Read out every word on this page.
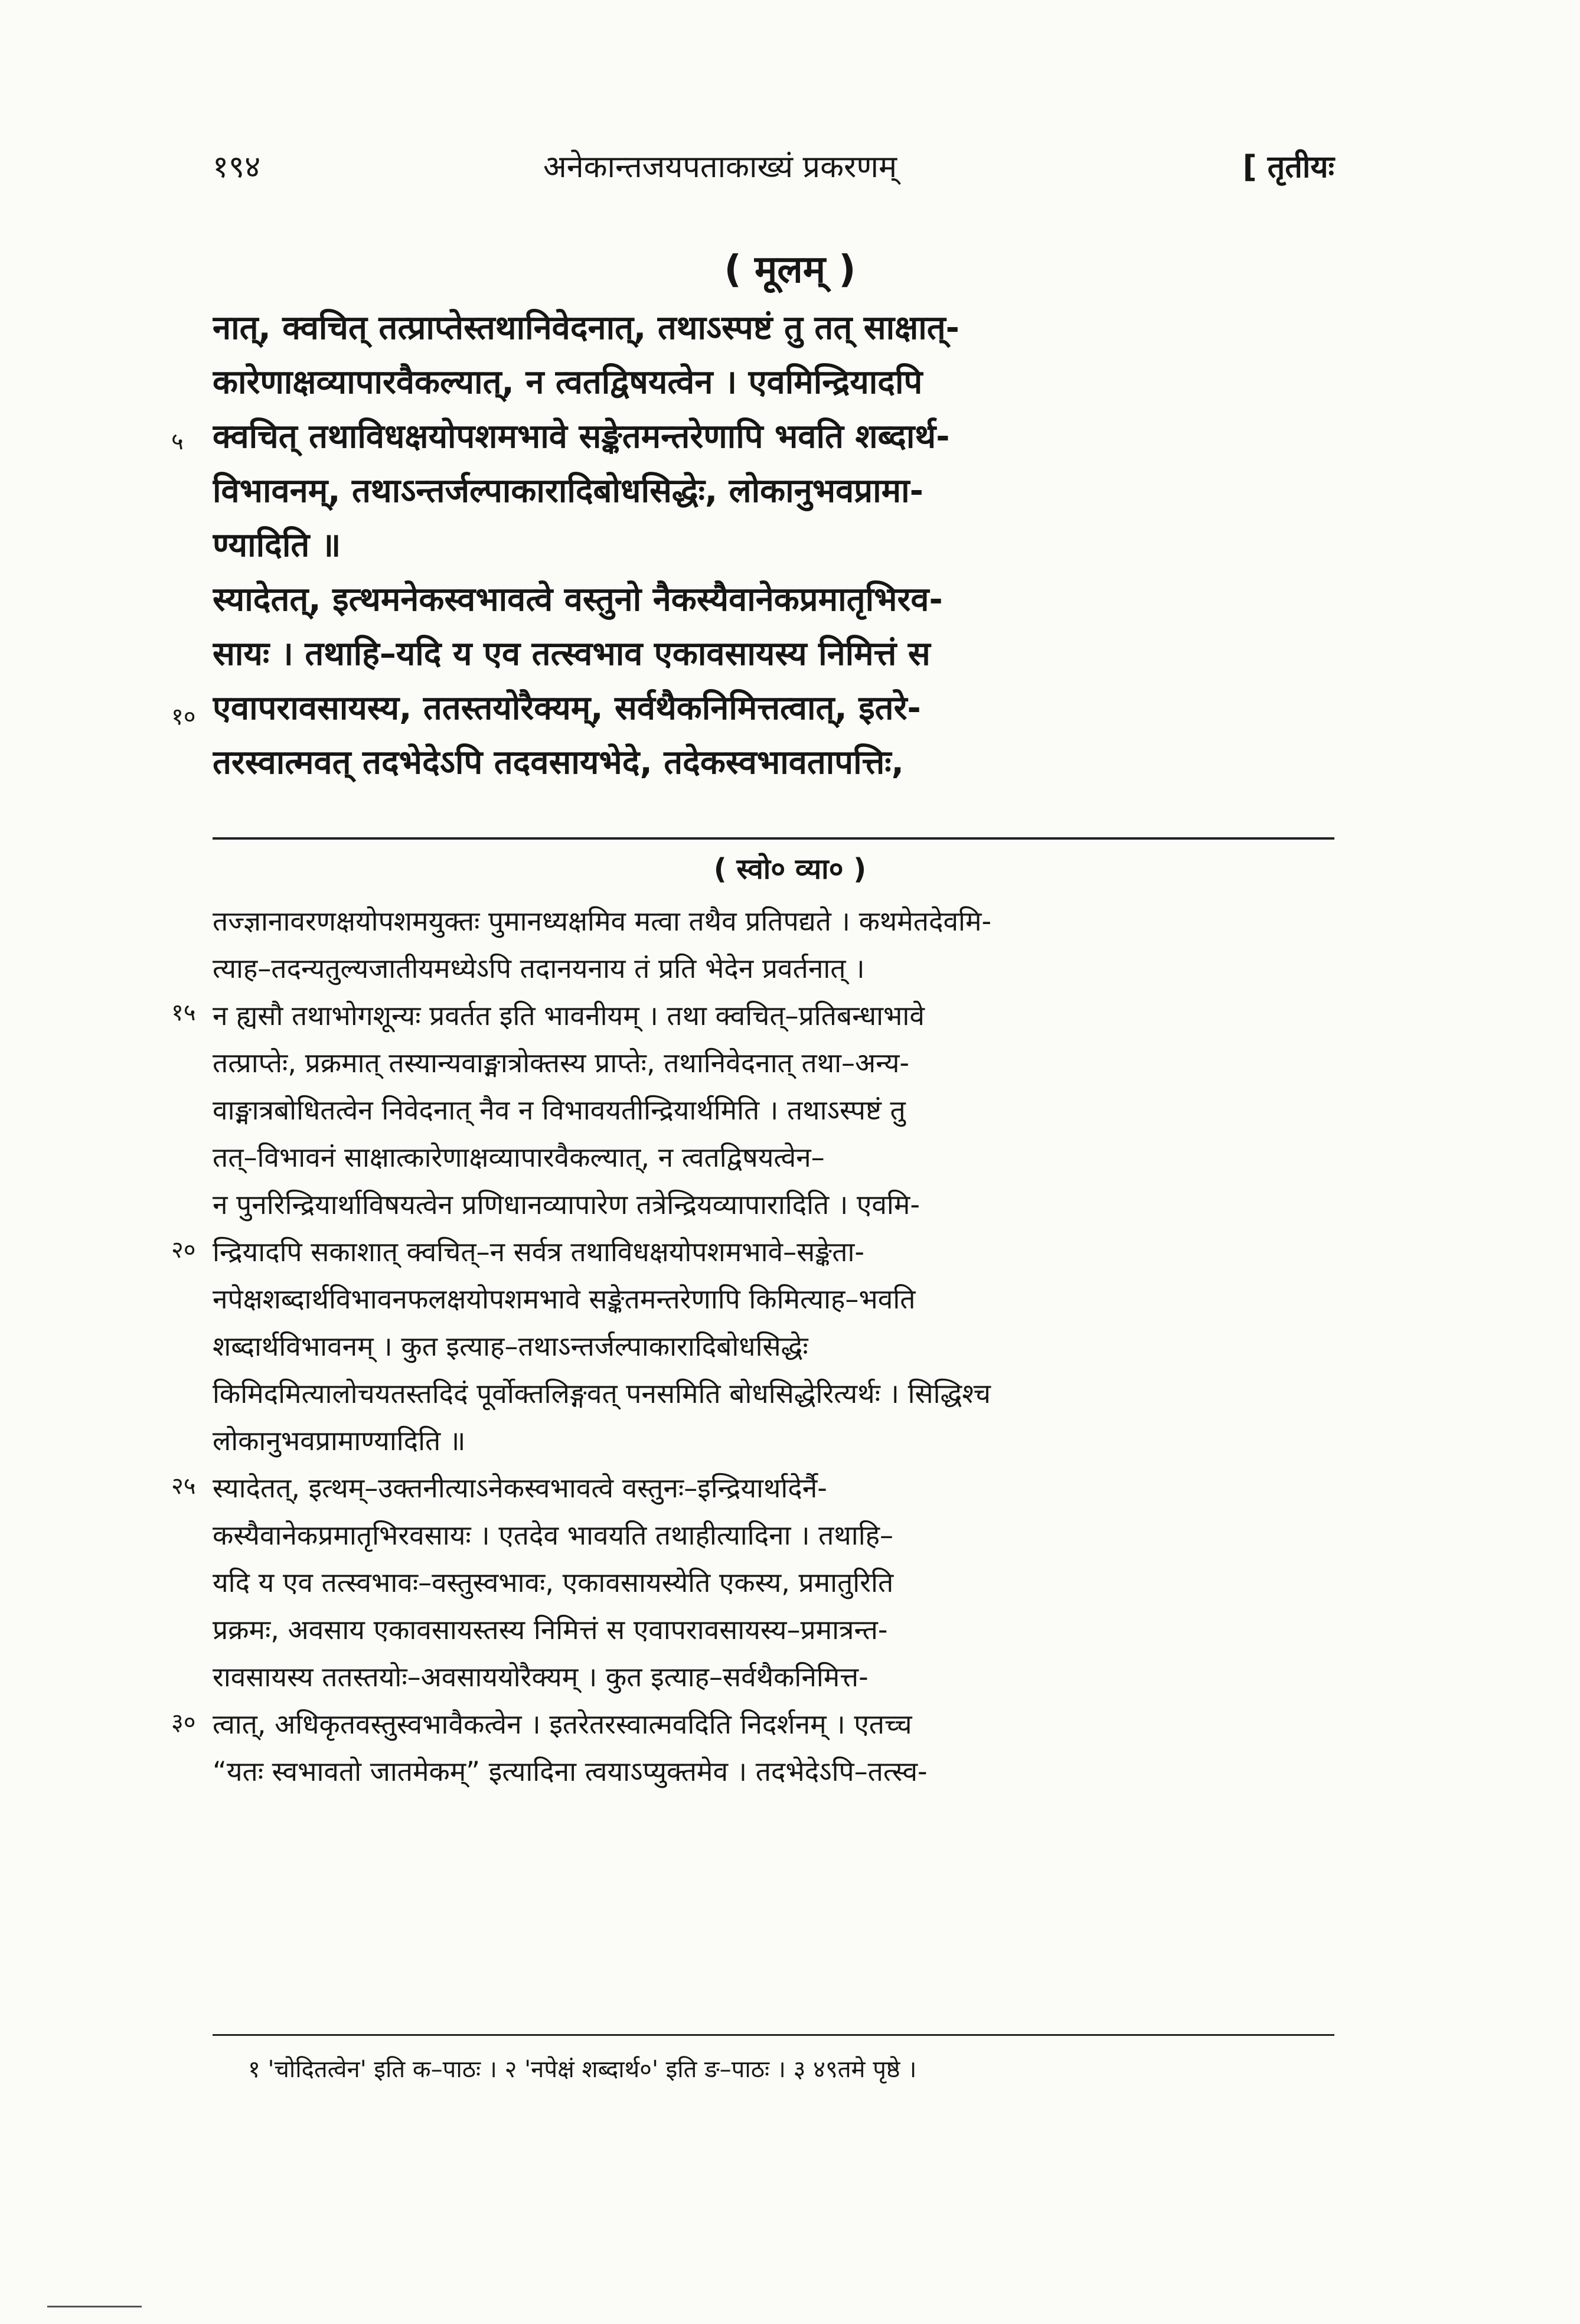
१९४	अनेकान्तजयपताकाख्यं प्रकरणम्	[ तृतीयः
( मूलम् )
नात्, क्वचित् तत्प्राप्तेस्तथानिवेदनात्, तथाऽस्पष्टं तु तत् साक्षात्-
कारेणाक्षव्यापारवैकल्यात्, न त्वतद्विषयत्वेन । एवमिन्द्रियादपि
क्वचित् तथाविधक्षयोपशमभावे सङ्केतमन्तरेणापि भवति शब्दार्थ-
विभावनम्, तथाऽन्तर्जल्पाकारादिबोधसिद्धेः, लोकानुभवप्रामा-
ण्यादिति ॥
स्यादेतत्, इत्थमनेकस्वभावत्वे वस्तुनो नैकस्यैवानेकप्रमातृभिरव-
सायः । तथाहि–यदि य एव तत्स्वभाव एकावसायस्य निमित्तं स
एवापरावसायस्य, ततस्तयोरैक्यम्, सर्वथैकनिमित्तत्वात्, इतरे-
तरस्वात्मवत् तदभेदेऽपि तदवसायभेदे, तदेकस्वभावतापत्तिः,
५
१०
( स्वो० व्या० )
तज्ज्ञानावरणक्षयोपशमयुक्तः पुमानध्यक्षमिव मत्वा तथैव प्रतिपद्यते । कथमेतदेवमि-
त्याह–तदन्यतुल्यजातीयमध्येऽपि तदानयनाय तं प्रति भेदेन प्रवर्तनात् ।
न ह्यसौ तथाभोगशून्यः प्रवर्तत इति भावनीयम् । तथा क्वचित्–प्रतिबन्धाभावे
तत्प्राप्तेः, प्रक्रमात् तस्यान्यवाङ्मात्रोक्तस्य प्राप्तेः, तथानिवेदनात् तथा–अन्य-
वाङ्मात्रबोधितत्वेन निवेदनात् नैव न विभावयतीन्द्रियार्थमिति । तथाऽस्पष्टं तु
तत्–विभावनं साक्षात्कारेणाक्षव्यापारवैकल्यात्, न त्वतद्विषयत्वेन–
न पुनरिन्द्रियार्थाविषयत्वेन प्रणिधानव्यापारेण तत्रेन्द्रियव्यापारादिति । एवमि-
न्द्रियादपि सकाशात् क्वचित्–न सर्वत्र तथाविधक्षयोपशमभावे–सङ्केता-
नपेक्षशब्दार्थविभावनफलक्षयोपशमभावे सङ्केतमन्तरेणापि किमित्याह–भवति
शब्दार्थविभावनम् । कुत इत्याह–तथाऽन्तर्जल्पाकारादिबोधसिद्धेः
किमिदमित्यालोचयतस्तदिदं पूर्वोक्तलिङ्गवत् पनसमिति बोधसिद्धेरित्यर्थः । सिद्धिश्च
लोकानुभवप्रामाण्यादिति ॥
स्यादेतत्, इत्थम्–उक्तनीत्याऽनेकस्वभावत्वे वस्तुनः–इन्द्रियार्थादेर्नै-
कस्यैवानेकप्रमातृभिरवसायः । एतदेव भावयति तथाहीत्यादिना । तथाहि–
यदि य एव तत्स्वभावः–वस्तुस्वभावः, एकावसायस्येति एकस्य, प्रमातुरिति
प्रक्रमः, अवसाय एकावसायस्तस्य निमित्तं स एवापरावसायस्य–प्रमात्रन्त-
रावसायस्य ततस्तयोः–अवसाययोरैक्यम् । कुत इत्याह–सर्वथैकनिमित्त-
त्वात्, अधिकृतवस्तुस्वभावैकत्वेन । इतरेतरस्वात्मवदिति निदर्शनम् । एतच्च
“यतः स्वभावतो जातमेकम्” इत्यादिना त्वयाऽप्युक्तमेव । तदभेदेऽपि–तत्स्व-
१५
२०
२५
३०
१ 'चोदितत्वेन' इति क–पाठः । २ 'नपेक्षं शब्दार्थ०' इति ङ–पाठः । ३ ४९तमे पृष्ठे ।
